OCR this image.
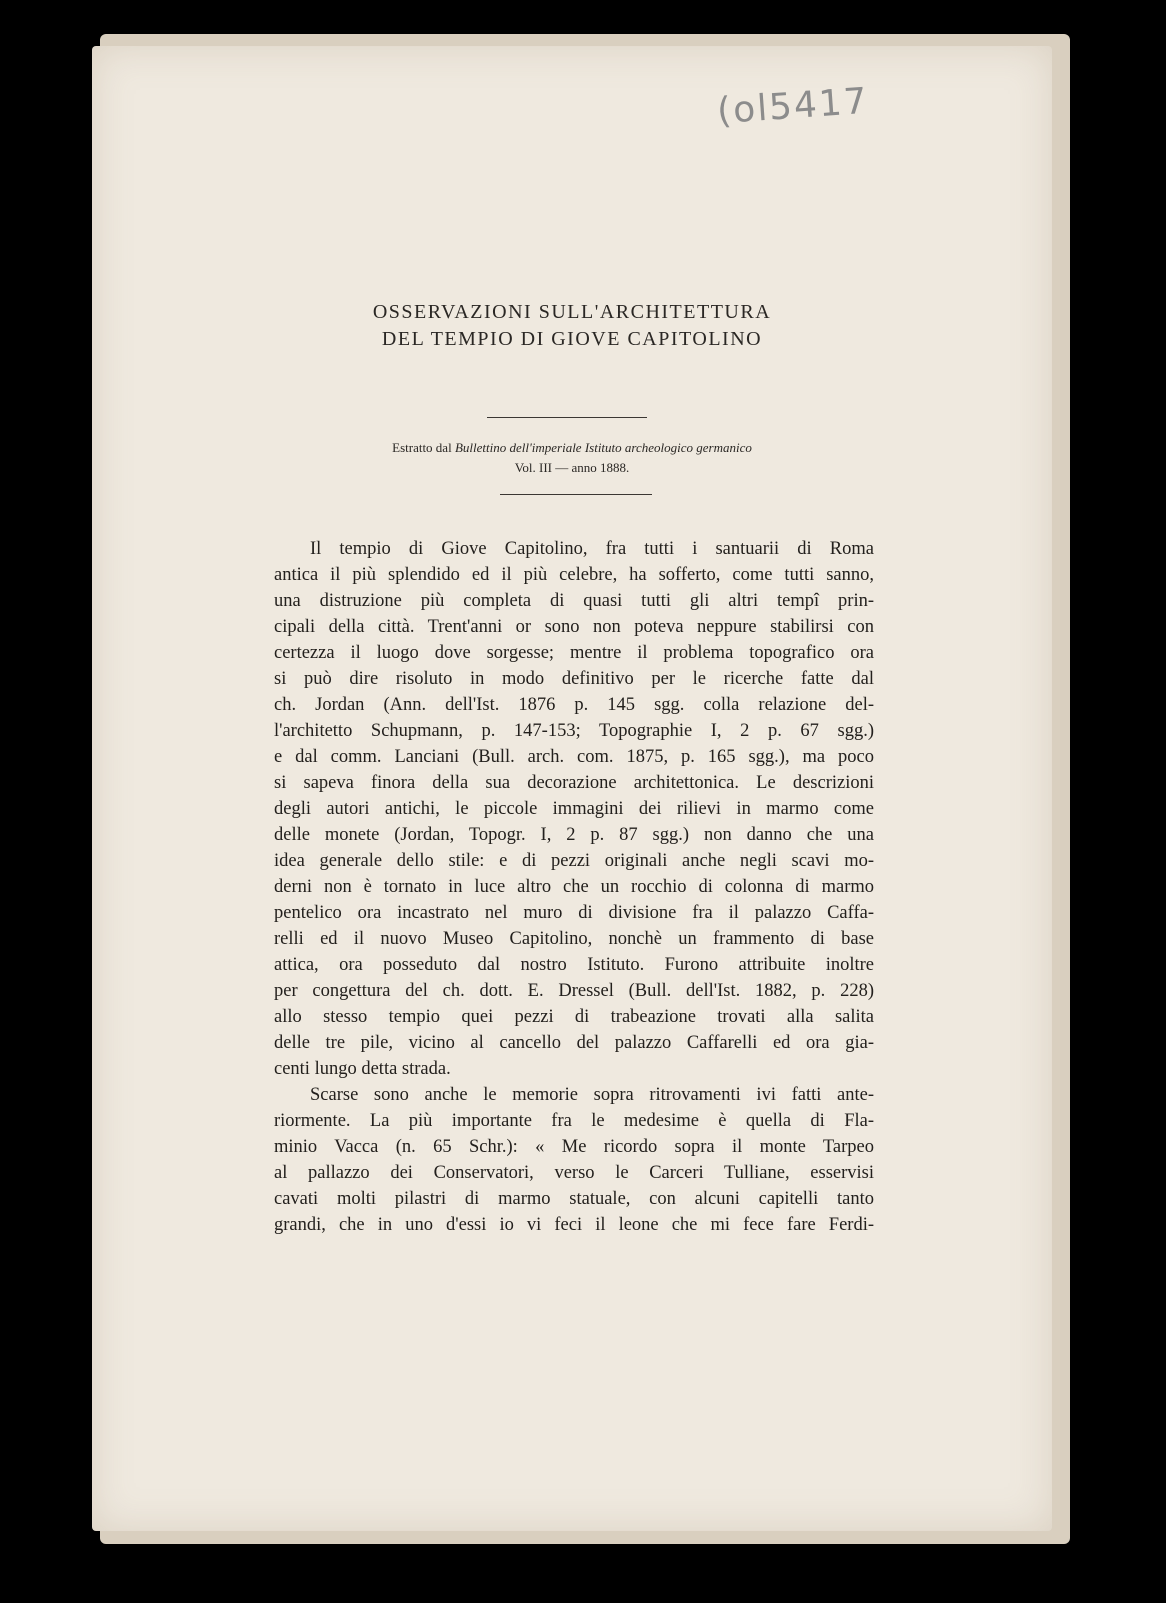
(ol5417
OSSERVAZIONI SULL'ARCHITETTURA
DEL TEMPIO DI GIOVE CAPITOLINO
Estratto dal Bullettino dell'imperiale Istituto archeologico germanico
Vol. III — anno 1888.
Il tempio di Giove Capitolino, fra tutti i santuarii di Roma
antica il più splendido ed il più celebre, ha sofferto, come tutti sanno,
una distruzione più completa di quasi tutti gli altri tempî prin-
cipali della città. Trent'anni or sono non poteva neppure stabilirsi con
certezza il luogo dove sorgesse; mentre il problema topografico ora
si può dire risoluto in modo definitivo per le ricerche fatte dal
ch. Jordan (Ann. dell'Ist. 1876 p. 145 sgg. colla relazione del-
l'architetto Schupmann, p. 147-153; Topographie I, 2 p. 67 sgg.)
e dal comm. Lanciani (Bull. arch. com. 1875, p. 165 sgg.), ma poco
si sapeva finora della sua decorazione architettonica. Le descrizioni
degli autori antichi, le piccole immagini dei rilievi in marmo come
delle monete (Jordan, Topogr. I, 2 p. 87 sgg.) non danno che una
idea generale dello stile: e di pezzi originali anche negli scavi mo-
derni non è tornato in luce altro che un rocchio di colonna di marmo
pentelico ora incastrato nel muro di divisione fra il palazzo Caffa-
relli ed il nuovo Museo Capitolino, nonchè un frammento di base
attica, ora posseduto dal nostro Istituto. Furono attribuite inoltre
per congettura del ch. dott. E. Dressel (Bull. dell'Ist. 1882, p. 228)
allo stesso tempio quei pezzi di trabeazione trovati alla salita
delle tre pile, vicino al cancello del palazzo Caffarelli ed ora gia-
centi lungo detta strada.
Scarse sono anche le memorie sopra ritrovamenti ivi fatti ante-
riormente. La più importante fra le medesime è quella di Fla-
minio Vacca (n. 65 Schr.): « Me ricordo sopra il monte Tarpeo
al pallazzo dei Conservatori, verso le Carceri Tulliane, esservisi
cavati molti pilastri di marmo statuale, con alcuni capitelli tanto
grandi, che in uno d'essi io vi feci il leone che mi fece fare Ferdi-
